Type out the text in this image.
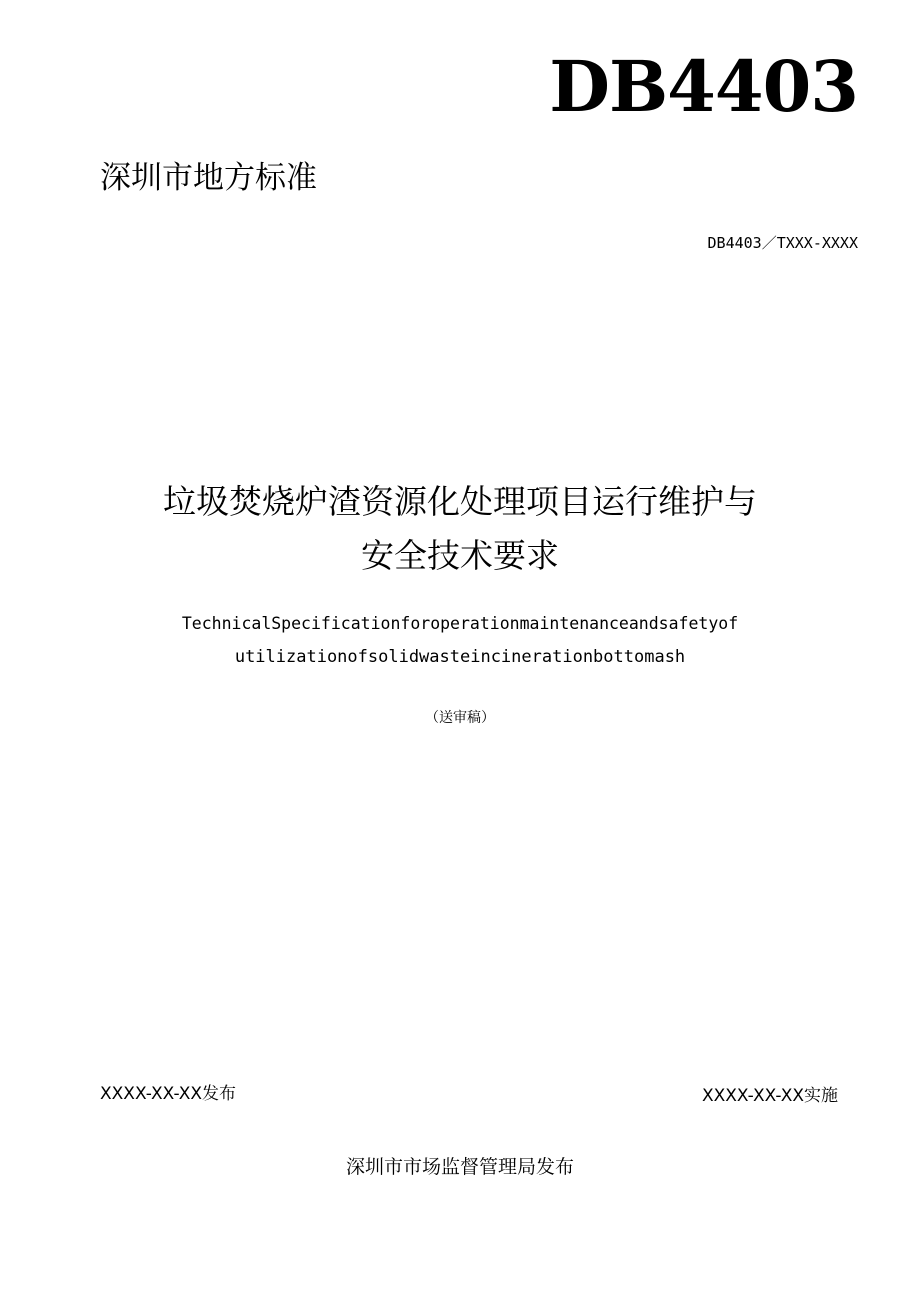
DB4403
深圳市地方标准
DB4403／TXXX-XXXX
垃圾焚烧炉渣资源化处理项目运行维护与
安全技术要求
TechnicalSpecificationforoperationmaintenanceandsafetyof
utilizationofsolidwasteincinerationbottomash
（送审稿）
XXXX-XX-XX发布	XXXX-XX-XX实施
深圳市市场监督管理局发布
